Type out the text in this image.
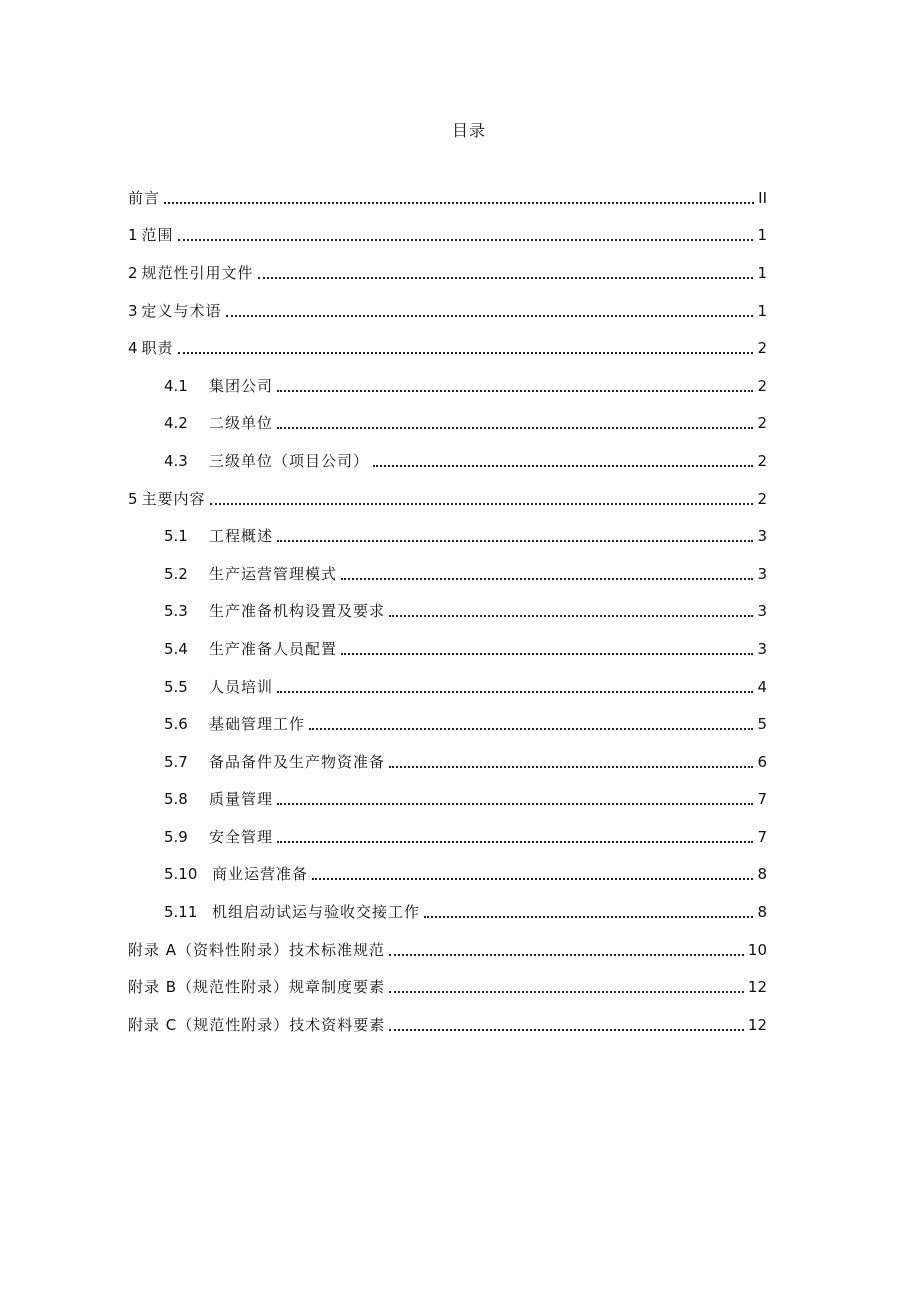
目录
前言	II
1 范围	1
2 规范性引用文件	1
3 定义与术语	1
4 职责	2
4.1	集团公司	2
4.2	二级单位	2
4.3	三级单位（项目公司）	2
5 主要内容	2
5.1	工程概述	3
5.2	生产运营管理模式	3
5.3	生产准备机构设置及要求	3
5.4	生产准备人员配置	3
5.5	人员培训	4
5.6	基础管理工作	5
5.7	备品备件及生产物资准备	6
5.8	质量管理	7
5.9	安全管理	7
5.10 商业运营准备	8
5.11 机组启动试运与验收交接工作	8
附录 A（资料性附录）技术标准规范	10
附录 B（规范性附录）规章制度要素	12
附录 C（规范性附录）技术资料要素	12
